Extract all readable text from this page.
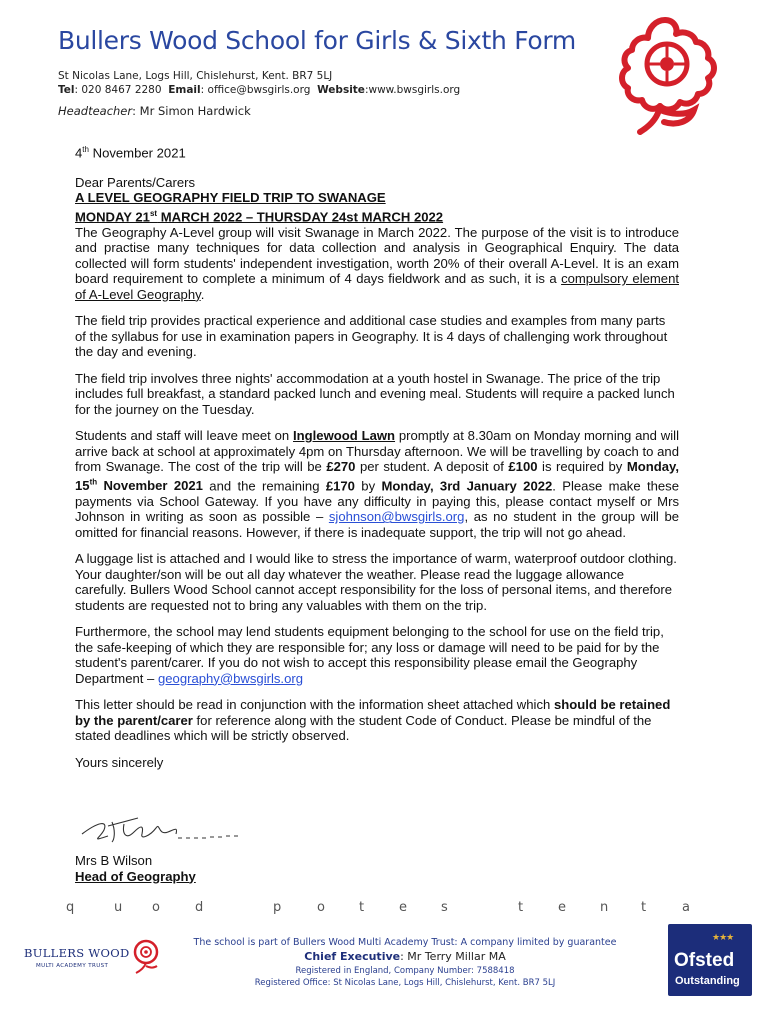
Bullers Wood School for Girls & Sixth Form
St Nicolas Lane, Logs Hill, Chislehurst, Kent. BR7 5LJ
Tel: 020 8467 2280 Email: office@bwsgirls.org Website:www.bwsgirls.org
Headteacher: Mr Simon Hardwick

4th November 2021

Dear Parents/Carers

A LEVEL GEOGRAPHY FIELD TRIP TO SWANAGE

MONDAY 21st MARCH 2022 – THURSDAY 24st MARCH 2022

The Geography A-Level group will visit Swanage in March 2022. The purpose of the visit is to introduce and practise many techniques for data collection and analysis in Geographical Enquiry. The data collected will form students' independent investigation, worth 20% of their overall A-Level. It is an exam board requirement to complete a minimum of 4 days fieldwork and as such, it is a compulsory element of A-Level Geography.

The field trip provides practical experience and additional case studies and examples from many parts of the syllabus for use in examination papers in Geography. It is 4 days of challenging work throughout the day and evening.

The field trip involves three nights' accommodation at a youth hostel in Swanage. The price of the trip includes full breakfast, a standard packed lunch and evening meal. Students will require a packed lunch for the journey on the Tuesday.

Students and staff will leave meet on Inglewood Lawn promptly at 8.30am on Monday morning and will arrive back at school at approximately 4pm on Thursday afternoon. We will be travelling by coach to and from Swanage. The cost of the trip will be £270 per student. A deposit of £100 is required by Monday, 15th November 2021 and the remaining £170 by Monday, 3rd January 2022. Please make these payments via School Gateway. If you have any difficulty in paying this, please contact myself or Mrs Johnson in writing as soon as possible – sjohnson@bwsgirls.org, as no student in the group will be omitted for financial reasons. However, if there is inadequate support, the trip will not go ahead.

A luggage list is attached and I would like to stress the importance of warm, waterproof outdoor clothing. Your daughter/son will be out all day whatever the weather. Please read the luggage allowance carefully. Bullers Wood School cannot accept responsibility for the loss of personal items, and therefore students are requested not to bring any valuables with them on the trip.

Furthermore, the school may lend students equipment belonging to the school for use on the field trip, the safe-keeping of which they are responsible for; any loss or damage will need to be paid for by the student's parent/carer. If you do not wish to accept this responsibility please email the Geography Department – geography@bwsgirls.org

This letter should be read in conjunction with the information sheet attached which should be retained by the parent/carer for reference along with the student Code of Conduct. Please be mindful of the stated deadlines which will be strictly observed.

Yours sincerely

Mrs B Wilson
Head of Geography
q	u o	d	p	o	t	e	s	t	e	n	t	a
BULLERS WOOD
MULTI ACADEMY TRUST
The school is part of Bullers Wood Multi Academy Trust: A company limited by guarantee
Chief Executive: Mr Terry Millar MA
Registered in England, Company Number: 7588418
Registered Office: St Nicolas Lane, Logs Hill, Chislehurst, Kent. BR7 5LJ
★★★
Ofsted
Outstanding
